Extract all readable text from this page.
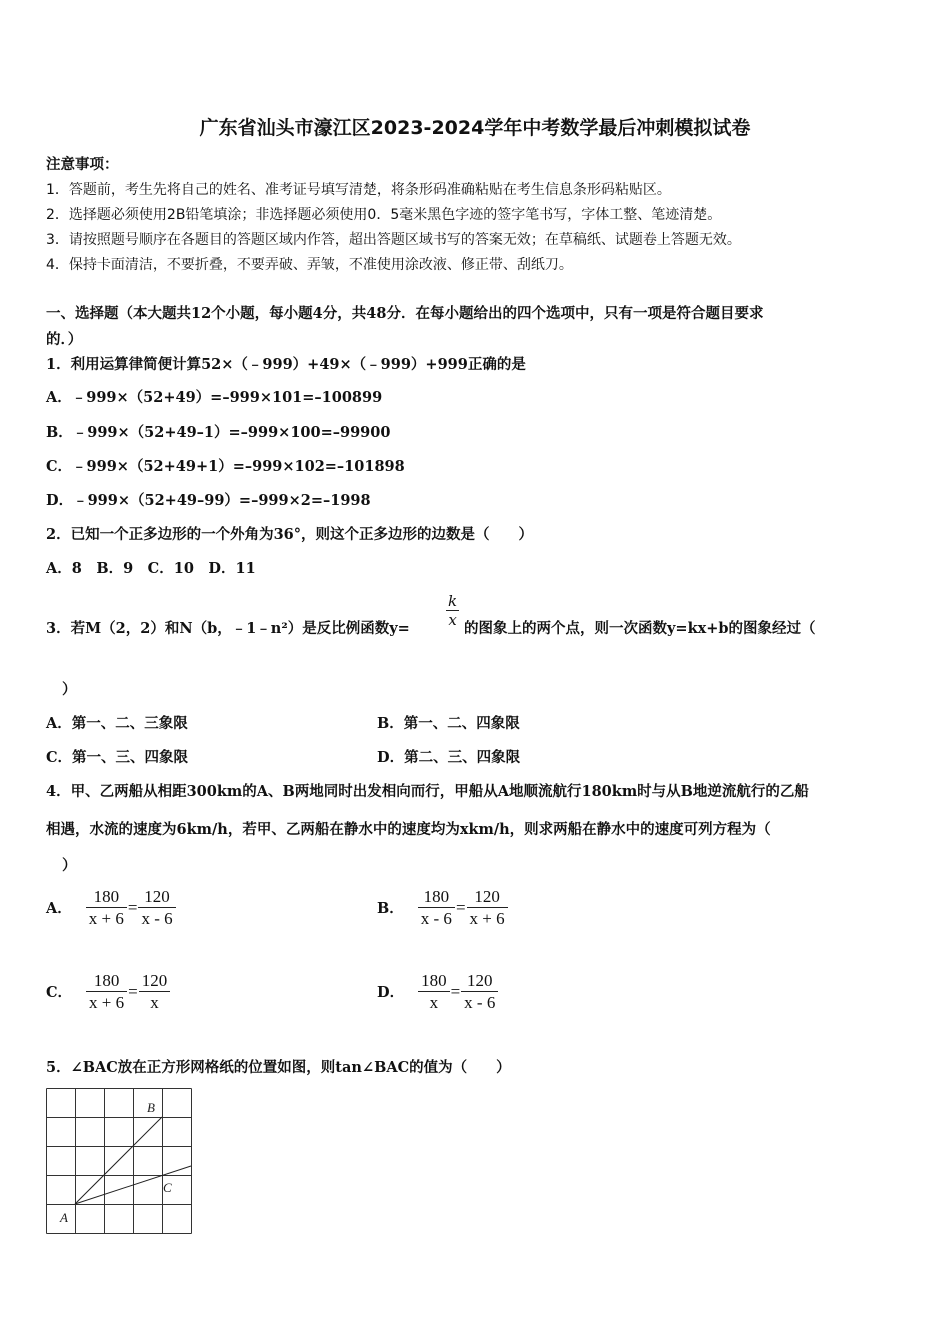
广东省汕头市濠江区2023-2024学年中考数学最后冲刺模拟试卷
注意事项：
1．答题前，考生先将自己的姓名、准考证号填写清楚，将条形码准确粘贴在考生信息条形码粘贴区。
2．选择题必须使用2B铅笔填涂；非选择题必须使用0．5毫米黑色字迹的签字笔书写，字体工整、笔迹清楚。
3．请按照题号顺序在各题目的答题区域内作答，超出答题区域书写的答案无效；在草稿纸、试题卷上答题无效。
4．保持卡面清洁，不要折叠，不要弄破、弄皱，不准使用涂改液、修正带、刮纸刀。
一、选择题（本大题共12个小题，每小题4分，共48分．在每小题给出的四个选项中，只有一项是符合题目要求
的．）
1．利用运算律简便计算52×（﹣999）+49×（﹣999）+999正确的是
A．﹣999×（52+49）=–999×101=–100899
B．﹣999×（52+49–1）=–999×100=–99900
C．﹣999×（52+49+1）=–999×102=–101898
D．﹣999×（52+49–99）=–999×2=–1998
2．已知一个正多边形的一个外角为36°，则这个正多边形的边数是（　　）
A．8　B．9　C．10　D．11
3．若M（2，2）和N（b，﹣1﹣n²）是反比例函数$y= \frac{k}{x}$ 的图象上的两个点，则一次函数y=kx+b的图象经过（
）
A．第一、二、三象限	B．第一、二、四象限
C．第一、三、四象限	D．第二、三、四象限
4．甲、乙两船从相距300km的A、B两地同时出发相向而行，甲船从A地顺流航行180km时与从B地逆流航行的乙船
相遇，水流的速度为6km/h，若甲、乙两船在静水中的速度均为xkm/h，则求两船在静水中的速度可列方程为（
）
A． $\frac{180}{x + 6} = \frac{120}{x - 6}$	B． $\frac{180}{x - 6} = \frac{120}{x + 6}$
C． $\frac{180}{x + 6} = \frac{120}{x}$	D． $\frac{180}{x} = \frac{120}{x - 6}$
5．∠BAC放在正方形网格纸的位置如图，则tan∠BAC的值为（　　）
A
B
C
